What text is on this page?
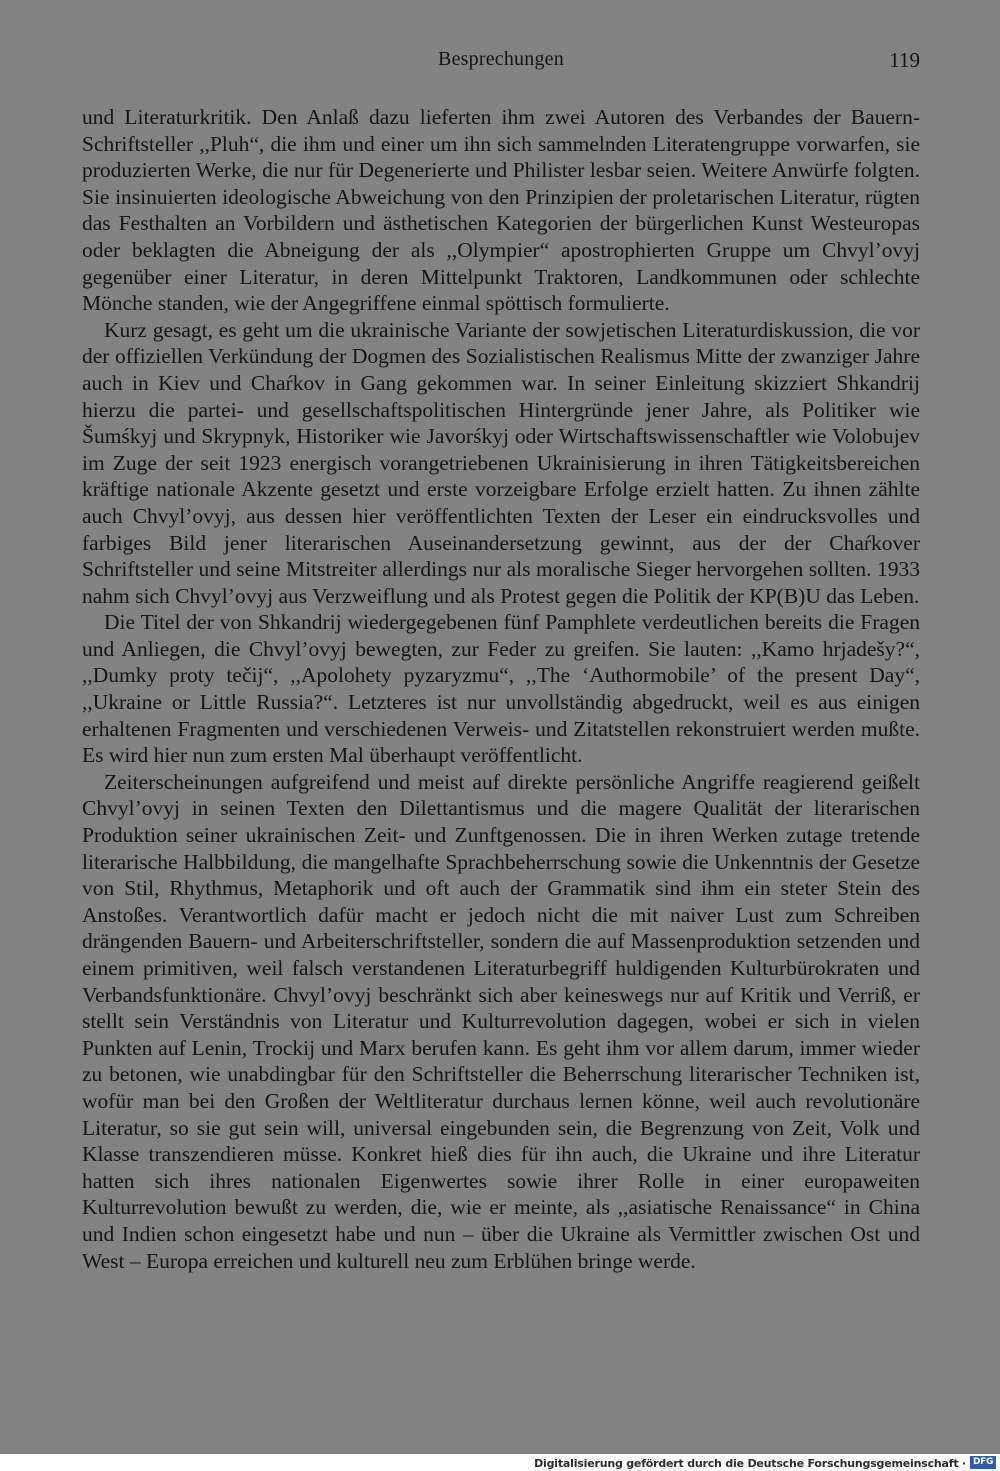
Besprechungen	119

und Literaturkritik. Den Anlaß dazu lieferten ihm zwei Autoren des Verbandes der Bauern-Schriftsteller ,,Pluh“, die ihm und einer um ihn sich sammelnden Literatengruppe vorwarfen, sie produzierten Werke, die nur für Degenerierte und Philister lesbar seien. Weitere Anwürfe folgten. Sie insinuierten ideologische Abweichung von den Prinzipien der proletarischen Literatur, rügten das Festhalten an Vorbildern und ästhetischen Kategorien der bürgerlichen Kunst Westeuropas oder beklagten die Abneigung der als ,,Olympier“ apostrophierten Gruppe um Chvyl’ovyj gegenüber einer Literatur, in deren Mittelpunkt Traktoren, Landkommunen oder schlechte Mönche standen, wie der Angegriffene einmal spöttisch formulierte.

Kurz gesagt, es geht um die ukrainische Variante der sowjetischen Literaturdiskussion, die vor der offiziellen Verkündung der Dogmen des Sozialistischen Realismus Mitte der zwanziger Jahre auch in Kiev und Chaŕkov in Gang gekommen war. In seiner Einleitung skizziert Shkandrij hierzu die partei- und gesellschaftspolitischen Hintergründe jener Jahre, als Politiker wie Šumśkyj und Skrypnyk, Historiker wie Javorśkyj oder Wirtschaftswissenschaftler wie Volobujev im Zuge der seit 1923 energisch vorangetriebenen Ukrainisierung in ihren Tätigkeitsbereichen kräftige nationale Akzente gesetzt und erste vorzeigbare Erfolge erzielt hatten. Zu ihnen zählte auch Chvyl’ovyj, aus dessen hier veröffentlichten Texten der Leser ein eindrucksvolles und farbiges Bild jener literarischen Auseinandersetzung gewinnt, aus der der Chaŕkover Schriftsteller und seine Mitstreiter allerdings nur als moralische Sieger hervorgehen sollten. 1933 nahm sich Chvyl’ovyj aus Verzweiflung und als Protest gegen die Politik der KP(B)U das Leben.

Die Titel der von Shkandrij wiedergegebenen fünf Pamphlete verdeutlichen bereits die Fragen und Anliegen, die Chvyl’ovyj bewegten, zur Feder zu greifen. Sie lauten: ,,Kamo hrjadešy?“, ,,Dumky proty tečij“, ,,Apolohety pyzaryzmu“, ,,The ‘Authormobile’ of the present Day“, ,,Ukraine or Little Russia?“. Letzteres ist nur unvollständig abgedruckt, weil es aus einigen erhaltenen Fragmenten und verschiedenen Verweis- und Zitatstellen rekonstruiert werden mußte. Es wird hier nun zum ersten Mal überhaupt veröffentlicht.

Zeiterscheinungen aufgreifend und meist auf direkte persönliche Angriffe reagierend geißelt Chvyl’ovyj in seinen Texten den Dilettantismus und die magere Qualität der literarischen Produktion seiner ukrainischen Zeit- und Zunftgenossen. Die in ihren Werken zutage tretende literarische Halbbildung, die mangelhafte Sprachbeherrschung sowie die Unkenntnis der Gesetze von Stil, Rhythmus, Metaphorik und oft auch der Grammatik sind ihm ein steter Stein des Anstoßes. Verantwortlich dafür macht er jedoch nicht die mit naiver Lust zum Schreiben drängenden Bauern- und Arbeiterschriftsteller, sondern die auf Massenproduktion setzenden und einem primitiven, weil falsch verstandenen Literaturbegriff huldigenden Kulturbürokraten und Verbandsfunktionäre. Chvyl’ovyj beschränkt sich aber keineswegs nur auf Kritik und Verriß, er stellt sein Verständnis von Literatur und Kulturrevolution dagegen, wobei er sich in vielen Punkten auf Lenin, Trockij und Marx berufen kann. Es geht ihm vor allem darum, immer wieder zu betonen, wie unabdingbar für den Schriftsteller die Beherrschung literarischer Techniken ist, wofür man bei den Großen der Weltliteratur durchaus lernen könne, weil auch revolutionäre Literatur, so sie gut sein will, universal eingebunden sein, die Begrenzung von Zeit, Volk und Klasse transzendieren müsse. Konkret hieß dies für ihn auch, die Ukraine und ihre Literatur hatten sich ihres nationalen Eigenwertes sowie ihrer Rolle in einer europaweiten Kulturrevolution bewußt zu werden, die, wie er meinte, als ,,asiatische Renaissance“ in China und Indien schon eingesetzt habe und nun – über die Ukraine als Vermittler zwischen Ost und West – Europa erreichen und kulturell neu zum Erblühen bringe werde.

Digitalisierung gefördert durch die Deutsche Forschungsgemeinschaft · DFG
